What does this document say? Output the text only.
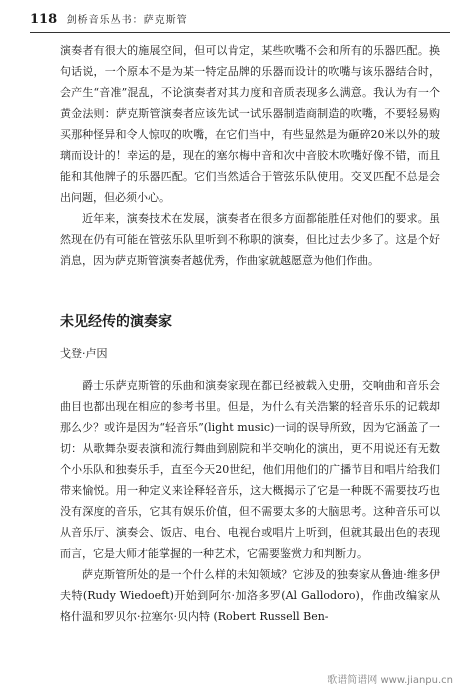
118 剑桥音乐丛书：萨克斯管

演奏者有很大的施展空间，但可以肯定，某些吹嘴不会和所有的乐器匹配。换句话说，一个原本不是为某一特定品牌的乐器而设计的吹嘴与该乐器结合时，会产生“音准”混乱，不论演奏者对其力度和音质表现多么满意。我认为有一个黄金法则：萨克斯管演奏者应该先试一试乐器制造商制造的吹嘴，不要轻易购买那种怪异和令人惊叹的吹嘴，在它们当中，有些显然是为砸碎20米以外的玻璃而设计的！幸运的是，现在的塞尔梅中音和次中音胶木吹嘴好像不错，而且能和其他牌子的乐器匹配。它们当然适合于管弦乐队使用。交叉匹配不总是会出问题，但必须小心。

近年来，演奏技术在发展，演奏者在很多方面都能胜任对他们的要求。虽然现在仍有可能在管弦乐队里听到不称职的演奏，但比过去少多了。这是个好消息，因为萨克斯管演奏者越优秀，作曲家就越愿意为他们作曲。

未见经传的演奏家
戈登·卢因

爵士乐萨克斯管的乐曲和演奏家现在都已经被载入史册，交响曲和音乐会曲目也都出现在相应的参考书里。但是，为什么有关浩繁的轻音乐乐的记载却那么少？或许是因为“轻音乐”(light music)一词的误导所致，因为它涵盖了一切：从歌舞杂耍表演和流行舞曲到剧院和半交响化的演出，更不用说还有无数个小乐队和独奏乐手，直至今天20世纪，他们用他们的广播节目和唱片给我们带来愉悦。用一种定义来诠释轻音乐，这大概揭示了它是一种既不需要技巧也没有深度的音乐，它其有娱乐价值，但不需要太多的大脑思考。这种音乐可以从音乐厅、演奏会、饭店、电台、电视台或唱片上听到，但就其最出色的表现而言，它是大师才能掌握的一种艺术，它需要鉴赏力和判断力。

萨克斯管所处的是一个什么样的未知领域？它涉及的独奏家从鲁迪·维多伊夫特(Rudy Wiedoeft)开始到阿尔·加洛多罗(Al Gallodoro)，作曲改编家从格什温和罗贝尔·拉塞尔·贝内特 (Robert Russell Ben-

歌谱简谱网 www.jianpu.cn
